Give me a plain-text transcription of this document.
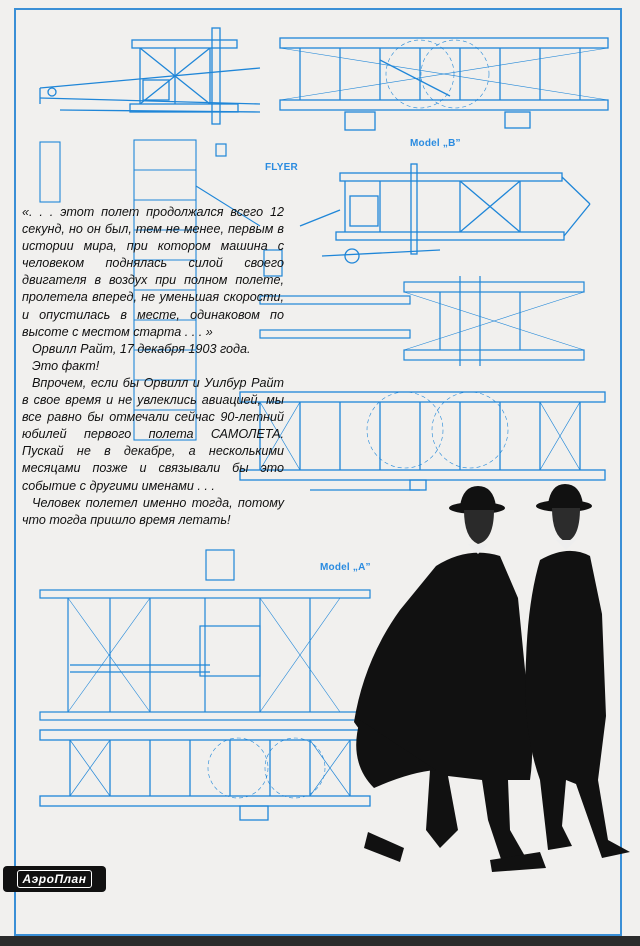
FLYER
Model „B”
Model „A”

«. . . этот полет продолжался всего 12 секунд, но он был, тем не менее, первым в истории мира, при котором машина с человеком поднялась силой своего двигателя в воздух при полном полете, пролетела вперед, не уменьшая скорости, и опустилась в месте, одинаковом по высоте с местом старта . . . »

Орвилл Райт, 17 декабря 1903 года.

Это факт!

Впрочем, если бы Орвилл и Уилбур Райт в свое время и не увлеклись авиацией, мы все равно бы отмечали сейчас 90-летний юбилей первого полета САМОЛЕТА. Пускай не в декабре, а несколькими месяцами позже и связывали бы это событие с другими именами . . .

Человек полетел именно тогда, потому что тогда пришло время летать!

АэроПлан
